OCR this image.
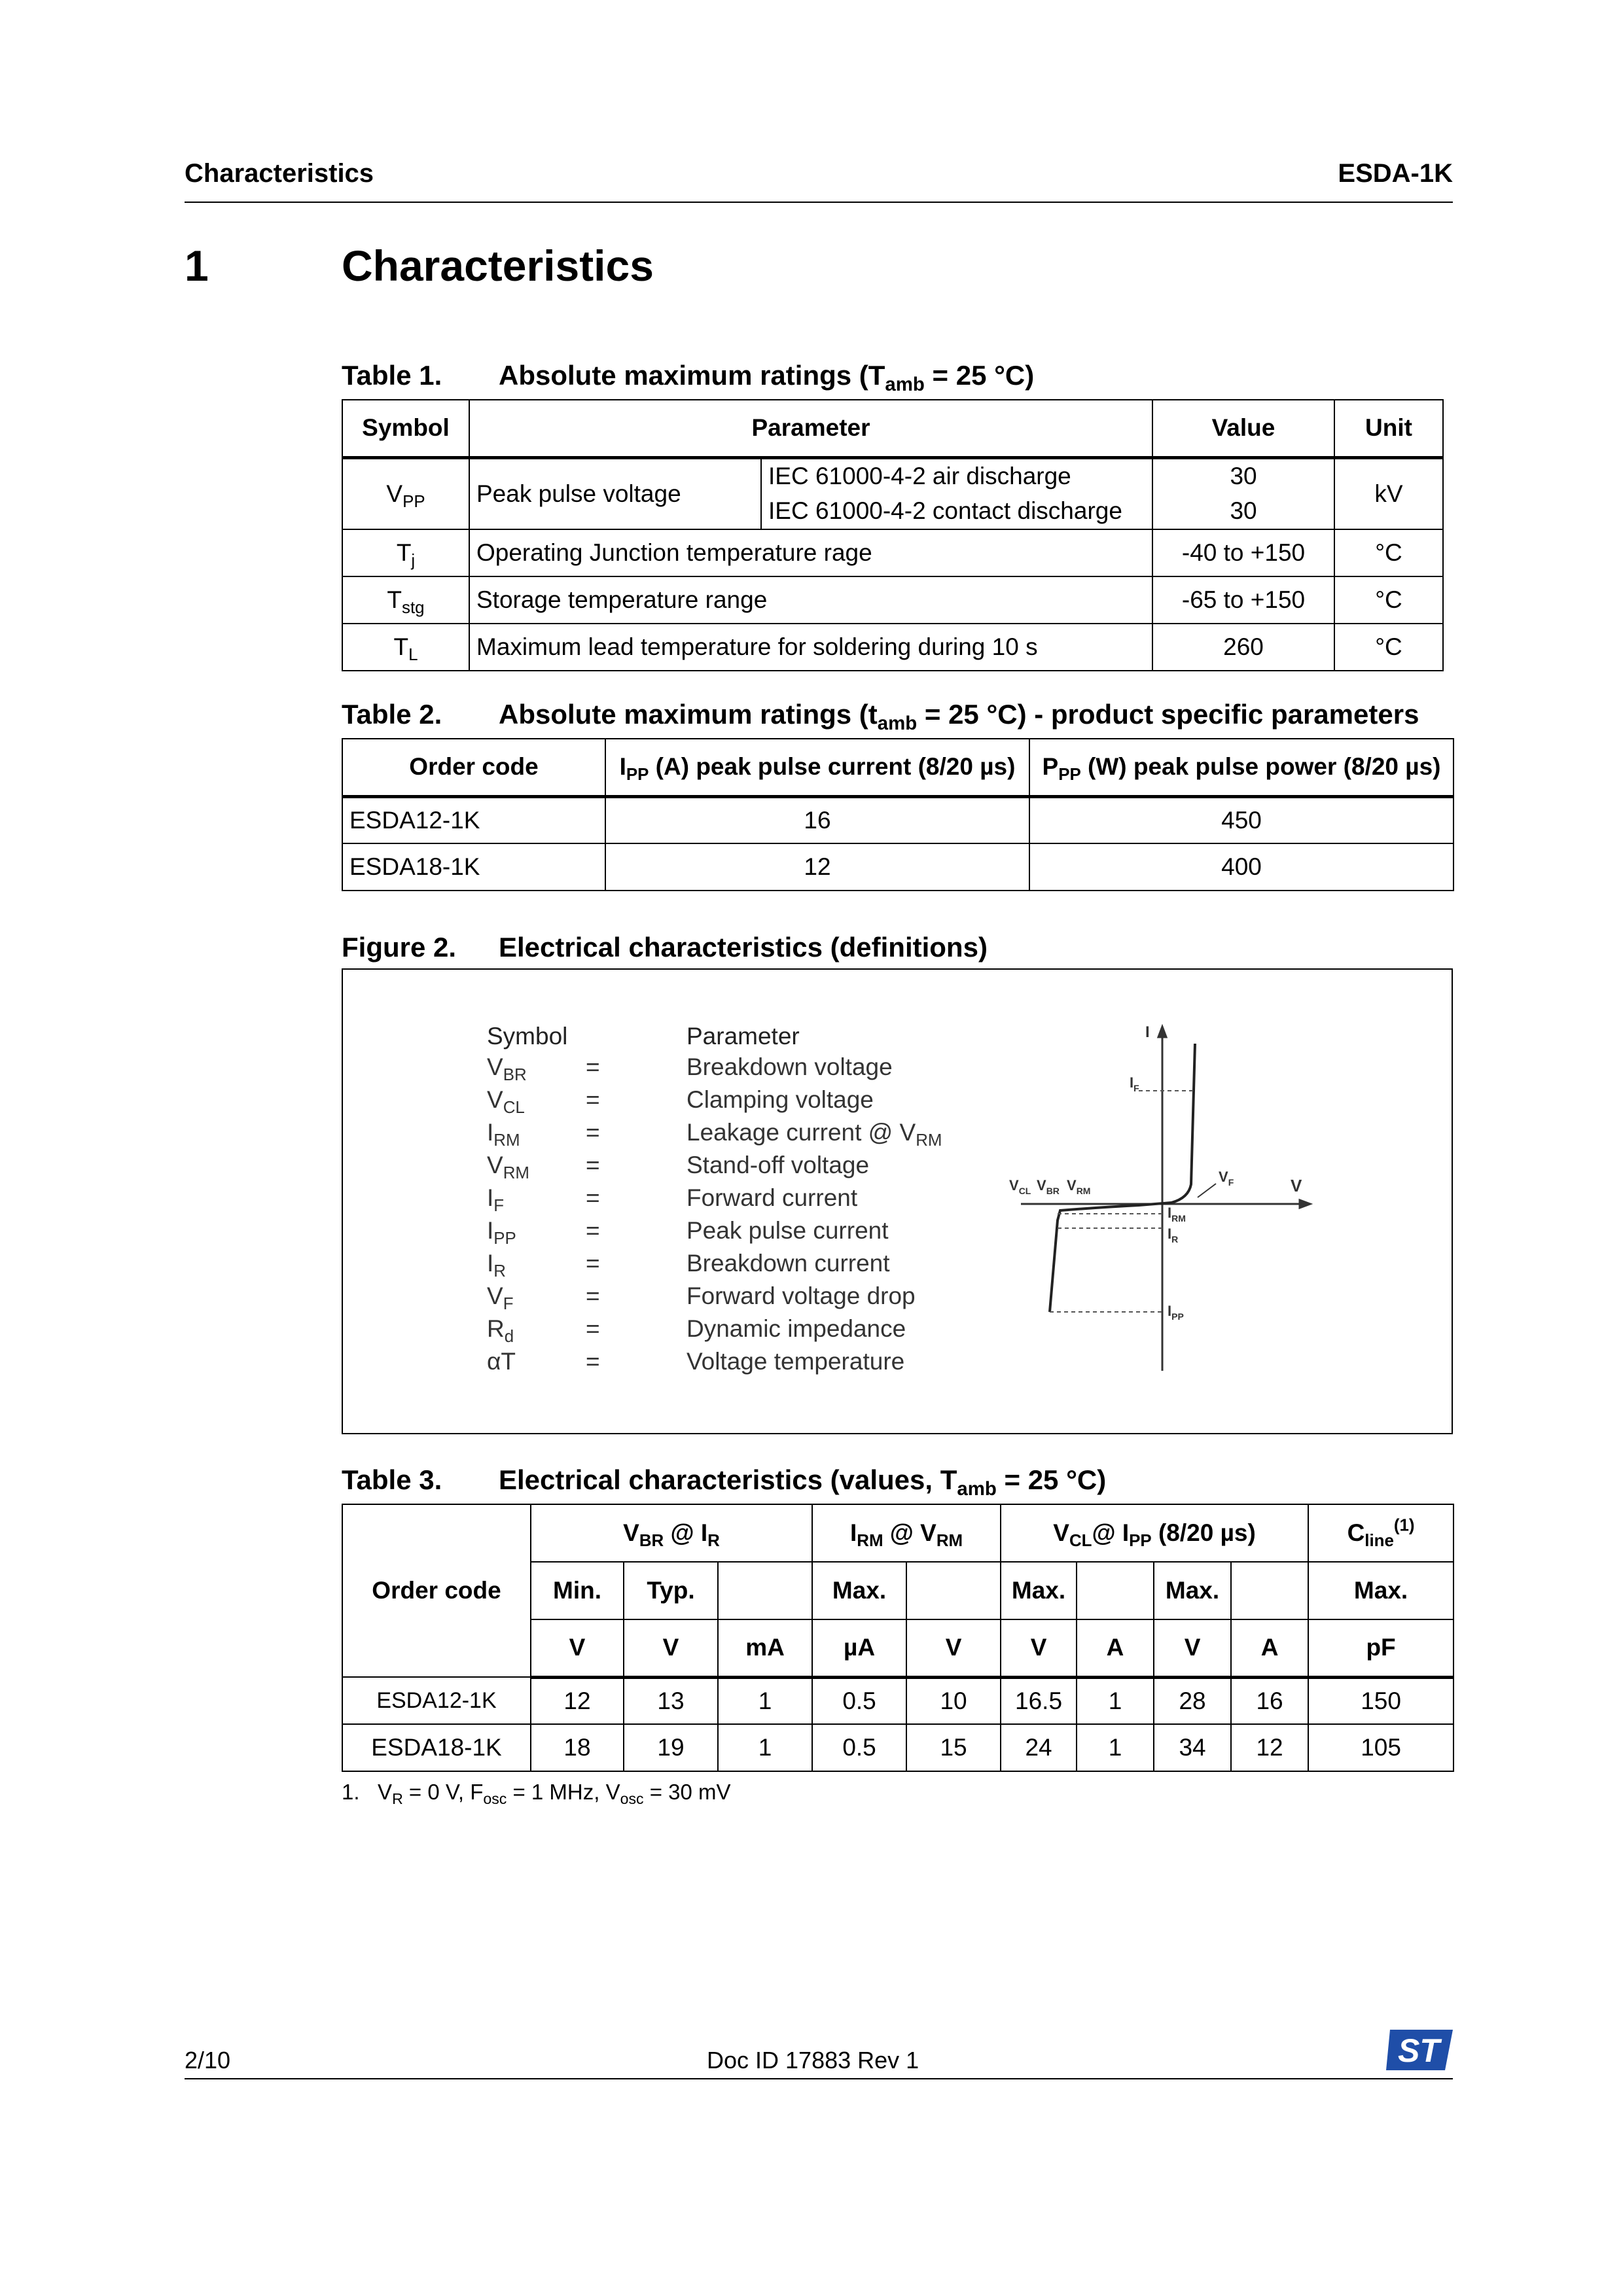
Characteristics	ESDA-1K
1	Characteristics
Table 1. Absolute maximum ratings ($T_{amb} = 25$ °C)
Symbol	Parameter		Value	Unit
$V_{PP}$	Peak pulse voltage	IEC 61000-4-2 air discharge	30	kV
		IEC 61000-4-2 contact discharge	30	
$T_j$	Operating Junction temperature rage		-40 to +150	°C
$T_{stg}$	Storage temperature range		-65 to +150	°C
$T_L$	Maximum lead temperature for soldering during 10 s		260	°C
Table 2. Absolute maximum ratings ($t_{amb} = 25$ °C) - product specific parameters
Order code	$I_{PP}$ (A) peak pulse current (8/20 µs)	$P_{PP}$ (W) peak pulse power (8/20 µs)
ESDA12-1K	16	450
ESDA18-1K	12	400
Figure 2. Electrical characteristics (definitions)
Symbol	Parameter
$V_{BR}$ =	Breakdown voltage
$V_{CL}$	=	Clamping voltage
$I_{RM}$	=	Leakage current @ $V_{RM}$
$V_{RM}$ =	Stand-off voltage
$I_F$	=	Forward current
$I_{PP}$	=	Peak pulse current
$I_R$	=	Breakdown current
$V_F$	=	Forward voltage drop
$R_d$	=	Dynamic impedance
αT	=	Voltage temperature
I
V
$I_F$
$V_F$
$V_{CL}$ $V_{BR}$ $V_{RM}$
$I_{RM}$
$I_R$
$I_{PP}$
Table 3. Electrical characteristics (values, $T_{amb} = 25$ °C)
Order code	$V_{BR}$ @ $I_R$			$I_{RM}$ @ $V_{RM}$		$V_{CL}@$ $I_{PP}$ (8/20 µs)				$C_{line}^{(1)}$
	Min.	Typ.		Max.		Max.		Max.		Max.
	V	V	mA	µA	V	V	A	V	A	pF
ESDA12-1K	12	13	1	0.5	10	16.5	1	28	16	150
ESDA18-1K	18	19	1	0.5	15	24	1	34	12	105
1. $V_R = 0$ V, $F_{osc} = 1$ MHz, $V_{osc} = 30$ mV
2/10	Doc ID 17883 Rev 1	ST
